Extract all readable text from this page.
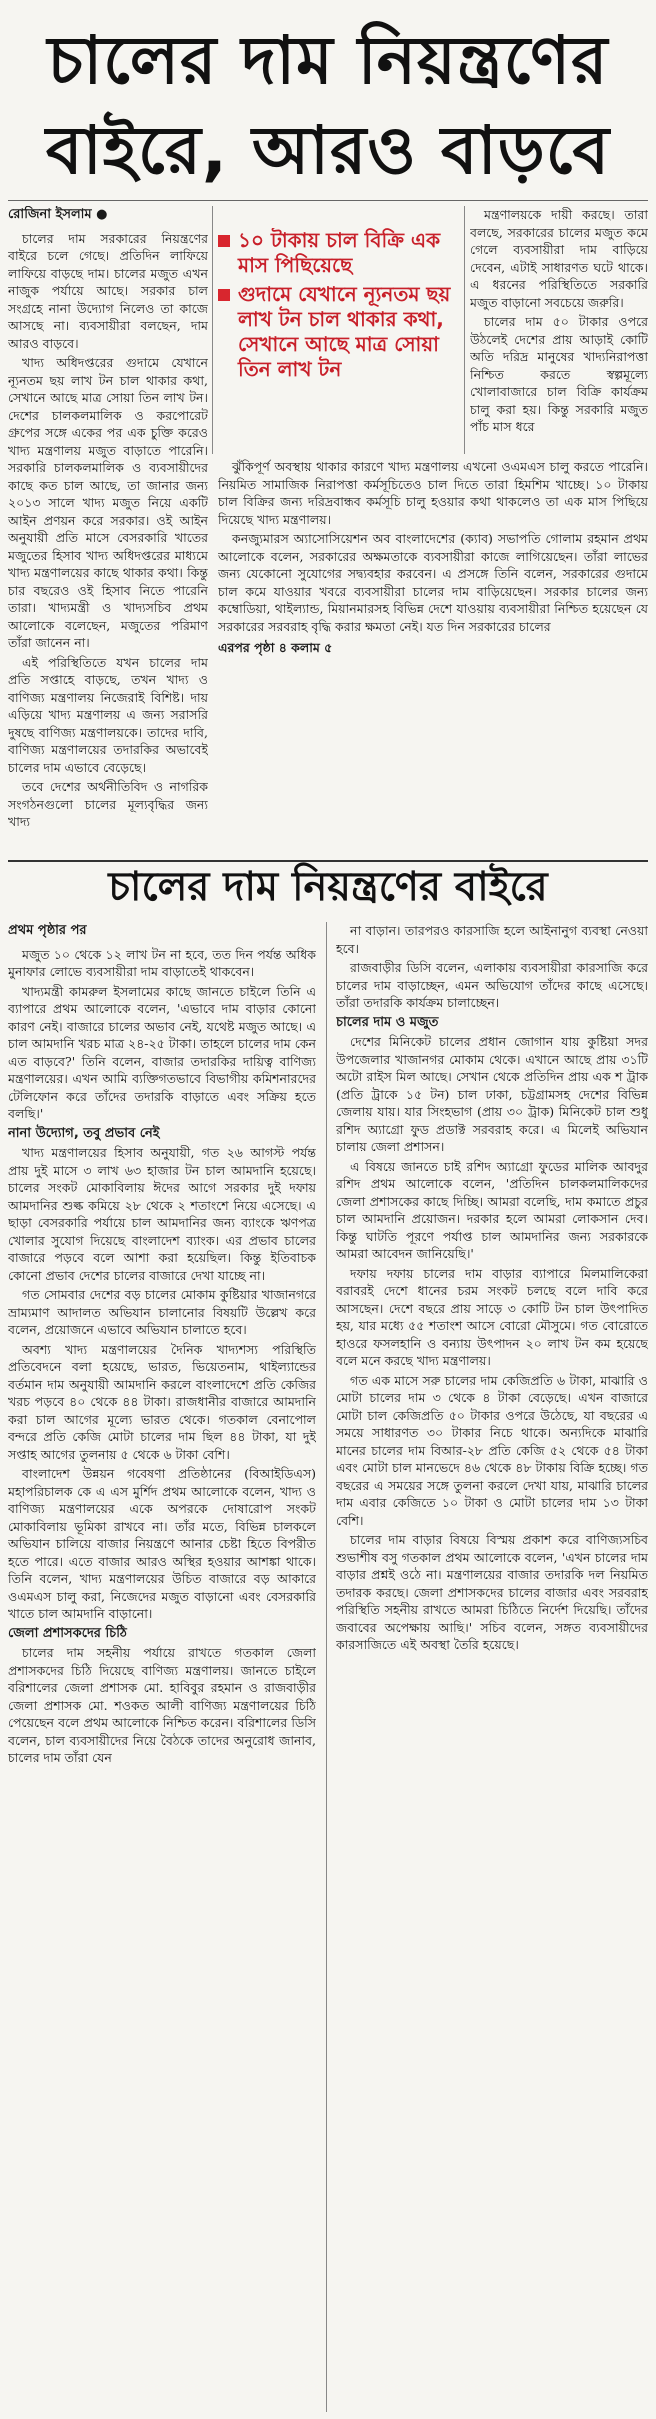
চালের দাম নিয়ন্ত্রণের
বাইরে, আরও বাড়বে
রোজিনা ইসলাম ●

চালের দাম সরকারের নিয়ন্ত্রণের বাইরে চলে গেছে। প্রতিদিন লাফিয়ে লাফিয়ে বাড়ছে দাম। চালের মজুত এখন নাজুক পর্যায়ে আছে। সরকার চাল সংগ্রহে নানা উদ্যোগ নিলেও তা কাজে আসছে না। ব্যবসায়ীরা বলছেন, দাম আরও বাড়বে।

খাদ্য অধিদপ্তরের গুদামে যেখানে ন্যূনতম ছয় লাখ টন চাল থাকার কথা, সেখানে আছে মাত্র সোয়া তিন লাখ টন। দেশের চালকলমালিক ও করপোরেট গ্রুপের সঙ্গে একের পর এক চুক্তি করেও খাদ্য মন্ত্রণালয় মজুত বাড়াতে পারেনি। সরকারি চালকলমালিক ও ব্যবসায়ীদের কাছে কত চাল আছে, তা জানার জন্য ২০১৩ সালে খাদ্য মজুত নিয়ে একটি আইন প্রণয়ন করে সরকার। ওই আইন অনুযায়ী প্রতি মাসে বেসরকারি খাতের মজুতের হিসাব খাদ্য অধিদপ্তরের মাধ্যমে খাদ্য মন্ত্রণালয়ের কাছে থাকার কথা। কিন্তু চার বছরেও ওই হিসাব নিতে পারেনি তারা। খাদ্যমন্ত্রী ও খাদ্যসচিব প্রথম আলোকে বলেছেন, মজুতের পরিমাণ তাঁরা জানেন না।

এই পরিস্থিতিতে যখন চালের দাম প্রতি সপ্তাহে বাড়ছে, তখন খাদ্য ও বাণিজ্য মন্ত্রণালয় নিজেরাই বিশিষ্ট। দায় এড়িয়ে খাদ্য মন্ত্রণালয় এ জন্য সরাসরি দুষছে বাণিজ্য মন্ত্রণালয়কে। তাদের দাবি, বাণিজ্য মন্ত্রণালয়ের তদারকির অভাবেই চালের দাম এভাবে বেড়েছে।

তবে দেশের অর্থনীতিবিদ ও নাগরিক সংগঠনগুলো চালের মূল্যবৃদ্ধির জন্য খাদ্য

১০ টাকায় চাল বিক্রি এক মাস পিছিয়েছে
গুদামে যেখানে ন্যূনতম ছয় লাখ টন চাল থাকার কথা, সেখানে আছে মাত্র সোয়া তিন লাখ টন

মন্ত্রণালয়কে দায়ী করছে। তারা বলছে, সরকারের চালের মজুত কমে গেলে ব্যবসায়ীরা দাম বাড়িয়ে দেবেন, এটাই সাধারণত ঘটে থাকে। এ ধরনের পরিস্থিতিতে সরকারি মজুত বাড়ানো সবচেয়ে জরুরি।

চালের দাম ৫০ টাকার ওপরে উঠলেই দেশের প্রায় আড়াই কোটি অতি দরিদ্র মানুষের খাদ্যনিরাপত্তা নিশ্চিত করতে স্বল্পমূল্যে খোলাবাজারে চাল বিক্রি কার্যক্রম চালু করা হয়। কিন্তু সরকারি মজুত পাঁচ মাস ধরে

ঝুঁকিপূর্ণ অবস্থায় থাকার কারণে খাদ্য মন্ত্রণালয় এখনো ওএমএস চালু করতে পারেনি। নিয়মিত সামাজিক নিরাপত্তা কর্মসূচিতেও চাল দিতে তারা হিমশিম খাচ্ছে। ১০ টাকায় চাল বিক্রির জন্য দরিদ্রবান্ধব কর্মসূচি চালু হওয়ার কথা থাকলেও তা এক মাস পিছিয়ে দিয়েছে খাদ্য মন্ত্রণালয়।

কনজ্যুমারস অ্যাসোসিয়েশন অব বাংলাদেশের (ক্যাব) সভাপতি গোলাম রহমান প্রথম আলোকে বলেন, সরকারের অক্ষমতাকে ব্যবসায়ীরা কাজে লাগিয়েছেন। তাঁরা লাভের জন্য যেকোনো সুযোগের সদ্ব্যবহার করবেন। এ প্রসঙ্গে তিনি বলেন, সরকারের গুদামে চাল কমে যাওয়ার খবরে ব্যবসায়ীরা চালের দাম বাড়িয়েছেন। সরকার চালের জন্য কম্বোডিয়া, থাইল্যান্ড, মিয়ানমারসহ বিভিন্ন দেশে যাওয়ায় ব্যবসায়ীরা নিশ্চিত হয়েছেন যে সরকারের সরবরাহ বৃদ্ধি করার ক্ষমতা নেই। যত দিন সরকারের চালের

এরপর পৃষ্ঠা ৪ কলাম ৫
চালের দাম নিয়ন্ত্রণের বাইরে
প্রথম পৃষ্ঠার পর

মজুত ১০ থেকে ১২ লাখ টন না হবে, তত দিন পর্যন্ত অধিক মুনাফার লোভে ব্যবসায়ীরা দাম বাড়াতেই থাকবেন।

খাদ্যমন্ত্রী কামরুল ইসলামের কাছে জানতে চাইলে তিনি এ ব্যাপারে প্রথম আলোকে বলেন, 'এভাবে দাম বাড়ার কোনো কারণ নেই। বাজারে চালের অভাব নেই, যথেষ্ট মজুত আছে। এ চাল আমদানি খরচ মাত্র ২৪-২৫ টাকা। তাহলে চালের দাম কেন এত বাড়বে?' তিনি বলেন, বাজার তদারকির দায়িত্ব বাণিজ্য মন্ত্রণালয়ের। এখন আমি ব্যক্তিগতভাবে বিভাগীয় কমিশনারদের টেলিফোন করে তাঁদের তদারকি বাড়াতে এবং সক্রিয় হতে বলছি।'

নানা উদ্যোগ, তবু প্রভাব নেই

খাদ্য মন্ত্রণালয়ের হিসাব অনুযায়ী, গত ২৬ আগস্ট পর্যন্ত প্রায় দুই মাসে ৩ লাখ ৬৩ হাজার টন চাল আমদানি হয়েছে। চালের সংকট মোকাবিলায় ঈদের আগে সরকার দুই দফায় আমদানির শুল্ক কমিয়ে ২৮ থেকে ২ শতাংশে নিয়ে এসেছে। এ ছাড়া বেসরকারি পর্যায়ে চাল আমদানির জন্য ব্যাংকে ঋণপত্র খোলার সুযোগ দিয়েছে বাংলাদেশ ব্যাংক। এর প্রভাব চালের বাজারে পড়বে বলে আশা করা হয়েছিল। কিন্তু ইতিবাচক কোনো প্রভাব দেশের চালের বাজারে দেখা যাচ্ছে না।

গত সোমবার দেশের বড় চালের মোকাম কুষ্টিয়ার খাজানগরে ভ্রাম্যমাণ আদালত অভিযান চালানোর বিষয়টি উল্লেখ করে বলেন, প্রয়োজনে এভাবে অভিযান চালাতে হবে।

অবশ্য খাদ্য মন্ত্রণালয়ের দৈনিক খাদ্যশস্য পরিস্থিতি প্রতিবেদনে বলা হয়েছে, ভারত, ভিয়েতনাম, থাইল্যান্ডের বর্তমান দাম অনুযায়ী আমদানি করলে বাংলাদেশে প্রতি কেজির খরচ পড়বে ৪০ থেকে ৪৪ টাকা। রাজধানীর বাজারে আমদানি করা চাল আগের মূল্যে ভারত থেকে। গতকাল বেনাপোল বন্দরে প্রতি কেজি মোটা চালের দাম ছিল ৪৪ টাকা, যা দুই সপ্তাহ আগের তুলনায় ৫ থেকে ৬ টাকা বেশি।

বাংলাদেশ উন্নয়ন গবেষণা প্রতিষ্ঠানের (বিআইডিএস) মহাপরিচালক কে এ এস মুর্শিদ প্রথম আলোকে বলেন, খাদ্য ও বাণিজ্য মন্ত্রণালয়ের একে অপরকে দোষারোপ সংকট মোকাবিলায় ভূমিকা রাখবে না। তাঁর মতে, বিভিন্ন চালকলে অভিযান চালিয়ে বাজার নিয়ন্ত্রণে আনার চেষ্টা হিতে বিপরীত হতে পারে। এতে বাজার আরও অস্থির হওয়ার আশঙ্কা থাকে। তিনি বলেন, খাদ্য মন্ত্রণালয়ের উচিত বাজারে বড় আকারে ওএমএস চালু করা, নিজেদের মজুত বাড়ানো এবং বেসরকারি খাতে চাল আমদানি বাড়ানো।

জেলা প্রশাসকদের চিঠি

চালের দাম সহনীয় পর্যায়ে রাখতে গতকাল জেলা প্রশাসকদের চিঠি দিয়েছে বাণিজ্য মন্ত্রণালয়। জানতে চাইলে বরিশালের জেলা প্রশাসক মো. হাবিবুর রহমান ও রাজবাড়ীর জেলা প্রশাসক মো. শওকত আলী বাণিজ্য মন্ত্রণালয়ের চিঠি পেয়েছেন বলে প্রথম আলোকে নিশ্চিত করেন। বরিশালের ডিসি বলেন, চাল ব্যবসায়ীদের নিয়ে বৈঠকে তাদের অনুরোধ জানাব, চালের দাম তাঁরা যেন

না বাড়ান। তারপরও কারসাজি হলে আইনানুগ ব্যবস্থা নেওয়া হবে।

রাজবাড়ীর ডিসি বলেন, এলাকায় ব্যবসায়ীরা কারসাজি করে চালের দাম বাড়াচ্ছেন, এমন অভিযোগ তাঁদের কাছে এসেছে। তাঁরা তদারকি কার্যক্রম চালাচ্ছেন।

চালের দাম ও মজুত

দেশের মিনিকেট চালের প্রধান জোগান যায় কুষ্টিয়া সদর উপজেলার খাজানগর মোকাম থেকে। এখানে আছে প্রায় ৩১টি অটো রাইস মিল আছে। সেখান থেকে প্রতিদিন প্রায় এক শ ট্রাক (প্রতি ট্রাকে ১৫ টন) চাল ঢাকা, চট্টগ্রামসহ দেশের বিভিন্ন জেলায় যায়। যার সিংহভাগ (প্রায় ৩০ ট্রাক) মিনিকেট চাল শুধু রশিদ অ্যাগ্রো ফুড প্রডাক্ট সরবরাহ করে। এ মিলেই অভিযান চালায় জেলা প্রশাসন।

এ বিষয়ে জানতে চাই রশিদ অ্যাগ্রো ফুডের মালিক আবদুর রশিদ প্রথম আলোকে বলেন, 'প্রতিদিন চালকলমালিকদের জেলা প্রশাসকের কাছে দিচ্ছি। আমরা বলেছি, দাম কমাতে প্রচুর চাল আমদানি প্রয়োজন। দরকার হলে আমরা লোকসান দেব। কিন্তু ঘাটতি পূরণে পর্যাপ্ত চাল আমদানির জন্য সরকারকে আমরা আবেদন জানিয়েছি।'

দফায় দফায় চালের দাম বাড়ার ব্যাপারে মিলমালিকেরা বরাবরই দেশে ধানের চরম সংকট চলছে বলে দাবি করে আসছেন। দেশে বছরে প্রায় সাড়ে ৩ কোটি টন চাল উৎপাদিত হয়, যার মধ্যে ৫৫ শতাংশ আসে বোরো মৌসুমে। গত বোরোতে হাওরে ফসলহানি ও বন্যায় উৎপাদন ২০ লাখ টন কম হয়েছে বলে মনে করছে খাদ্য মন্ত্রণালয়।

গত এক মাসে সরু চালের দাম কেজিপ্রতি ৬ টাকা, মাঝারি ও মোটা চালের দাম ৩ থেকে ৪ টাকা বেড়েছে। এখন বাজারে মোটা চাল কেজিপ্রতি ৫০ টাকার ওপরে উঠেছে, যা বছরের এ সময়ে সাধারণত ৩০ টাকার নিচে থাকে। অন্যদিকে মাঝারি মানের চালের দাম বিআর-২৮ প্রতি কেজি ৫২ থেকে ৫৪ টাকা এবং মোটা চাল মানভেদে ৪৬ থেকে ৪৮ টাকায় বিক্রি হচ্ছে। গত বছরের এ সময়ের সঙ্গে তুলনা করলে দেখা যায়, মাঝারি চালের দাম এবার কেজিতে ১০ টাকা ও মোটা চালের দাম ১৩ টাকা বেশি।

চালের দাম বাড়ার বিষয়ে বিস্ময় প্রকাশ করে বাণিজ্যসচিব শুভাশীষ বসু গতকাল প্রথম আলোকে বলেন, 'এখন চালের দাম বাড়ার প্রশ্নই ওঠে না। মন্ত্রণালয়ের বাজার তদারকি দল নিয়মিত তদারক করছে। জেলা প্রশাসকদের চালের বাজার এবং সরবরাহ পরিস্থিতি সহনীয় রাখতে আমরা চিঠিতে নির্দেশ দিয়েছি। তাঁদের জবাবের অপেক্ষায় আছি।' সচিব বলেন, সঙ্গত ব্যবসায়ীদের কারসাজিতে এই অবস্থা তৈরি হয়েছে।
